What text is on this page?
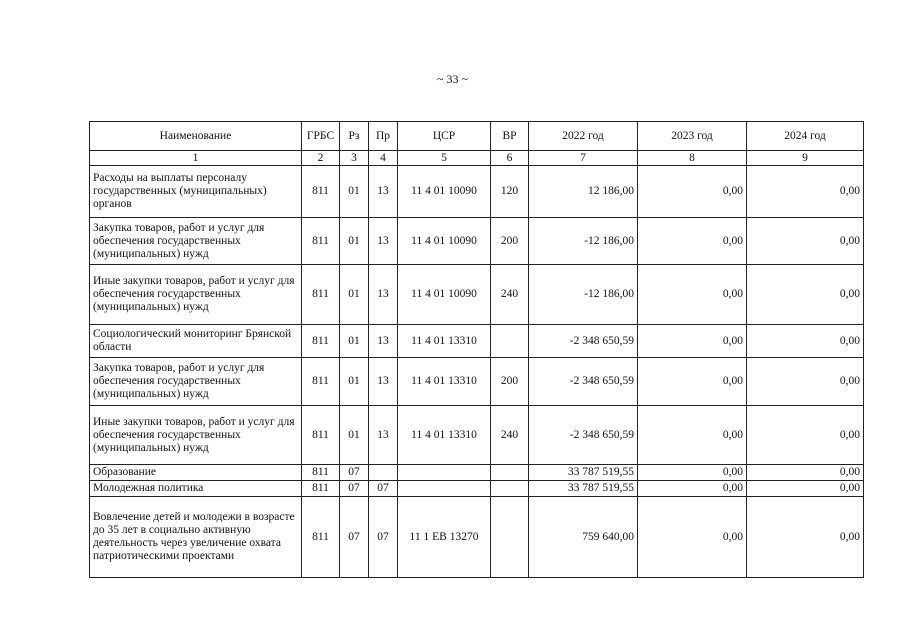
~ 33 ~
Наименование	ГРБС	Рз	Пр	ЦСР	ВР	2022 год	2023 год	2024 год
1	2	3	4	5	6	7	8	9
Расходы на выплаты персоналу государственных (муниципальных) органов	811	01	13	11 4 01 10090	120	12 186,00	0,00	0,00
Закупка товаров, работ и услуг для обеспечения государственных (муниципальных) нужд	811	01	13	11 4 01 10090	200	-12 186,00	0,00	0,00
Иные закупки товаров, работ и услуг для обеспечения государственных (муниципальных) нужд	811	01	13	11 4 01 10090	240	-12 186,00	0,00	0,00
Социологический мониторинг Брянской области	811	01	13	11 4 01 13310		-2 348 650,59	0,00	0,00
Закупка товаров, работ и услуг для обеспечения государственных (муниципальных) нужд	811	01	13	11 4 01 13310	200	-2 348 650,59	0,00	0,00
Иные закупки товаров, работ и услуг для обеспечения государственных (муниципальных) нужд	811	01	13	11 4 01 13310	240	-2 348 650,59	0,00	0,00
Образование	811	07				33 787 519,55	0,00	0,00
Молодежная политика	811	07	07			33 787 519,55	0,00	0,00
Вовлечение детей и молодежи в возрасте до 35 лет в социально активную деятельность через увеличение охвата патриотическими проектами	811	07	07	11 1 EB 13270		759 640,00	0,00	0,00
